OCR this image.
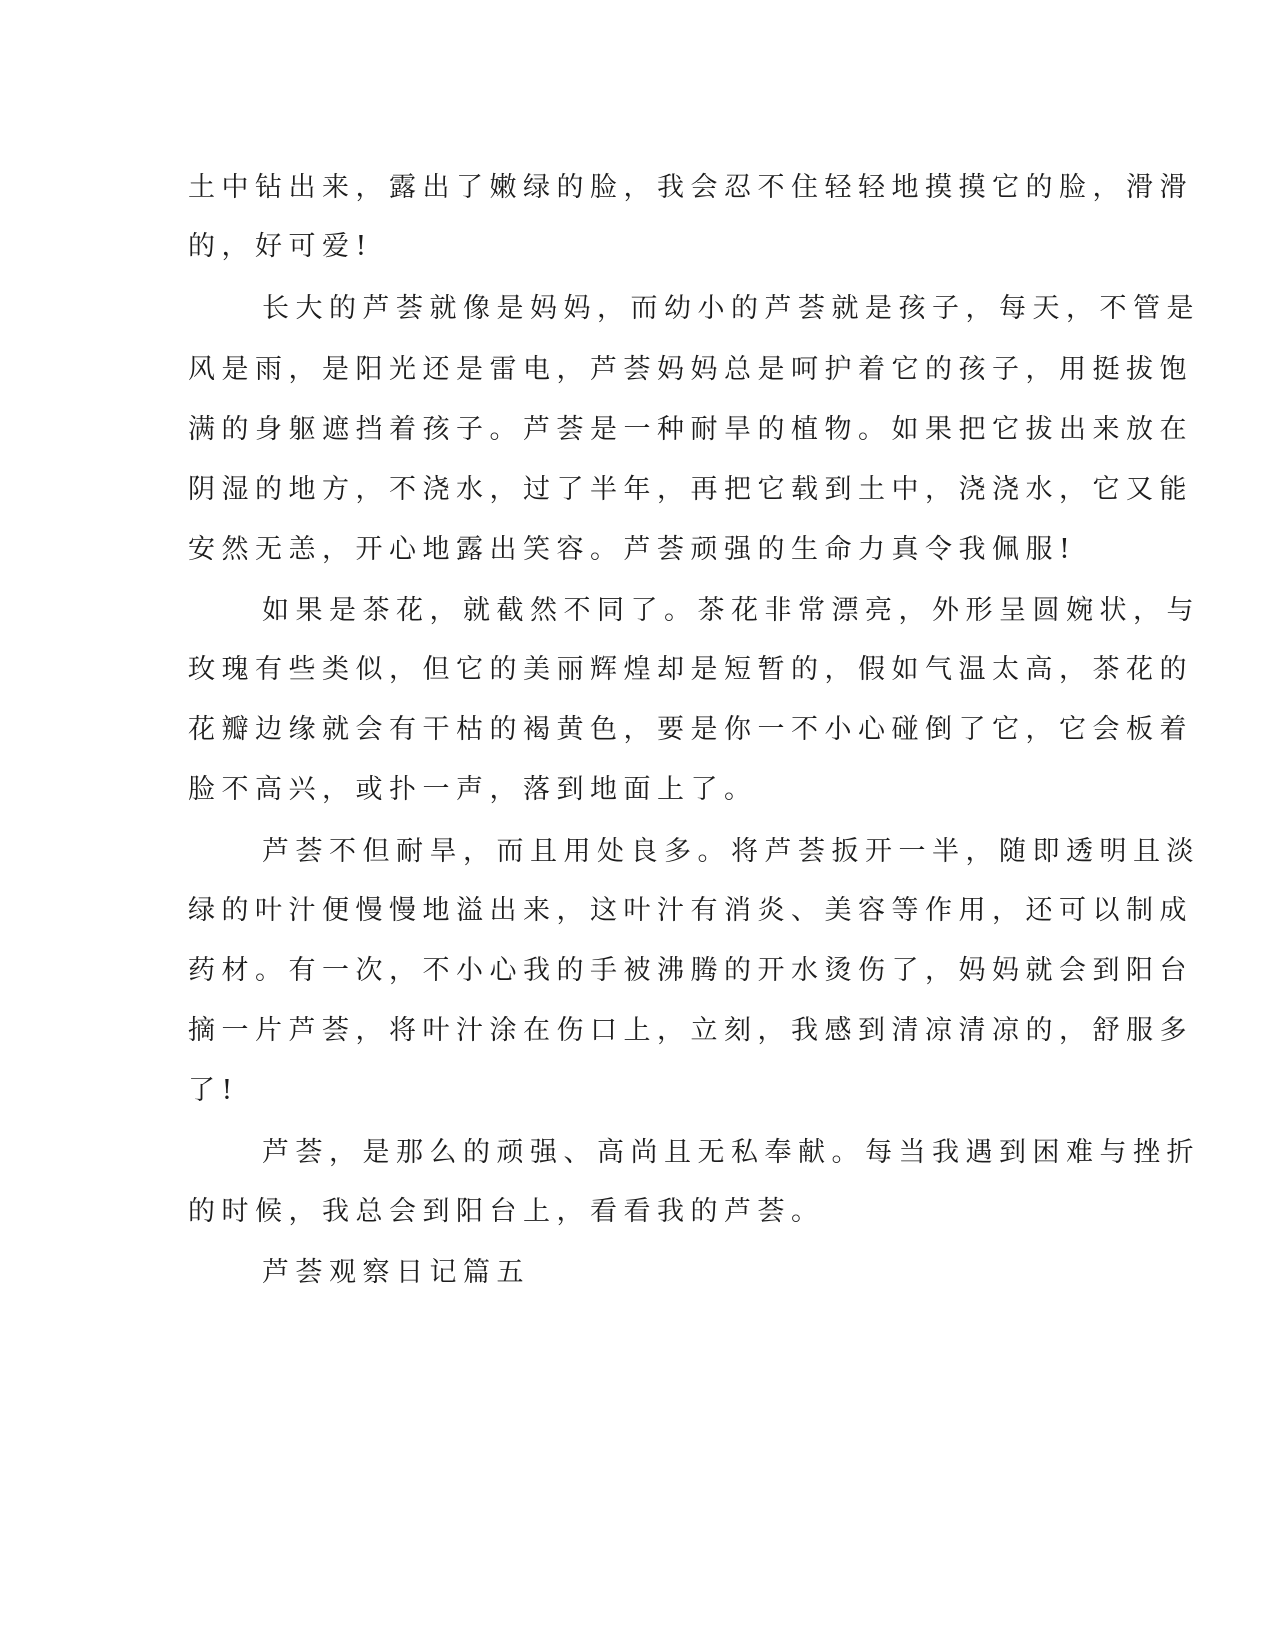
土中钻出来，露出了嫩绿的脸，我会忍不住轻轻地摸摸它的脸，滑滑
的，好可爱!
长大的芦荟就像是妈妈，而幼小的芦荟就是孩子，每天，不管是
风是雨，是阳光还是雷电，芦荟妈妈总是呵护着它的孩子，用挺拔饱
满的身躯遮挡着孩子。芦荟是一种耐旱的植物。如果把它拔出来放在
阴湿的地方，不浇水，过了半年，再把它载到土中，浇浇水，它又能
安然无恙，开心地露出笑容。芦荟顽强的生命力真令我佩服!
如果是茶花，就截然不同了。茶花非常漂亮，外形呈圆婉状，与
玫瑰有些类似，但它的美丽辉煌却是短暂的，假如气温太高，茶花的
花瓣边缘就会有干枯的褐黄色，要是你一不小心碰倒了它，它会板着
脸不高兴，或扑一声，落到地面上了。
芦荟不但耐旱，而且用处良多。将芦荟扳开一半，随即透明且淡
绿的叶汁便慢慢地溢出来，这叶汁有消炎、美容等作用，还可以制成
药材。有一次，不小心我的手被沸腾的开水烫伤了，妈妈就会到阳台
摘一片芦荟，将叶汁涂在伤口上，立刻，我感到清凉清凉的，舒服多
了!
芦荟，是那么的顽强、高尚且无私奉献。每当我遇到困难与挫折
的时候，我总会到阳台上，看看我的芦荟。
芦荟观察日记篇五
